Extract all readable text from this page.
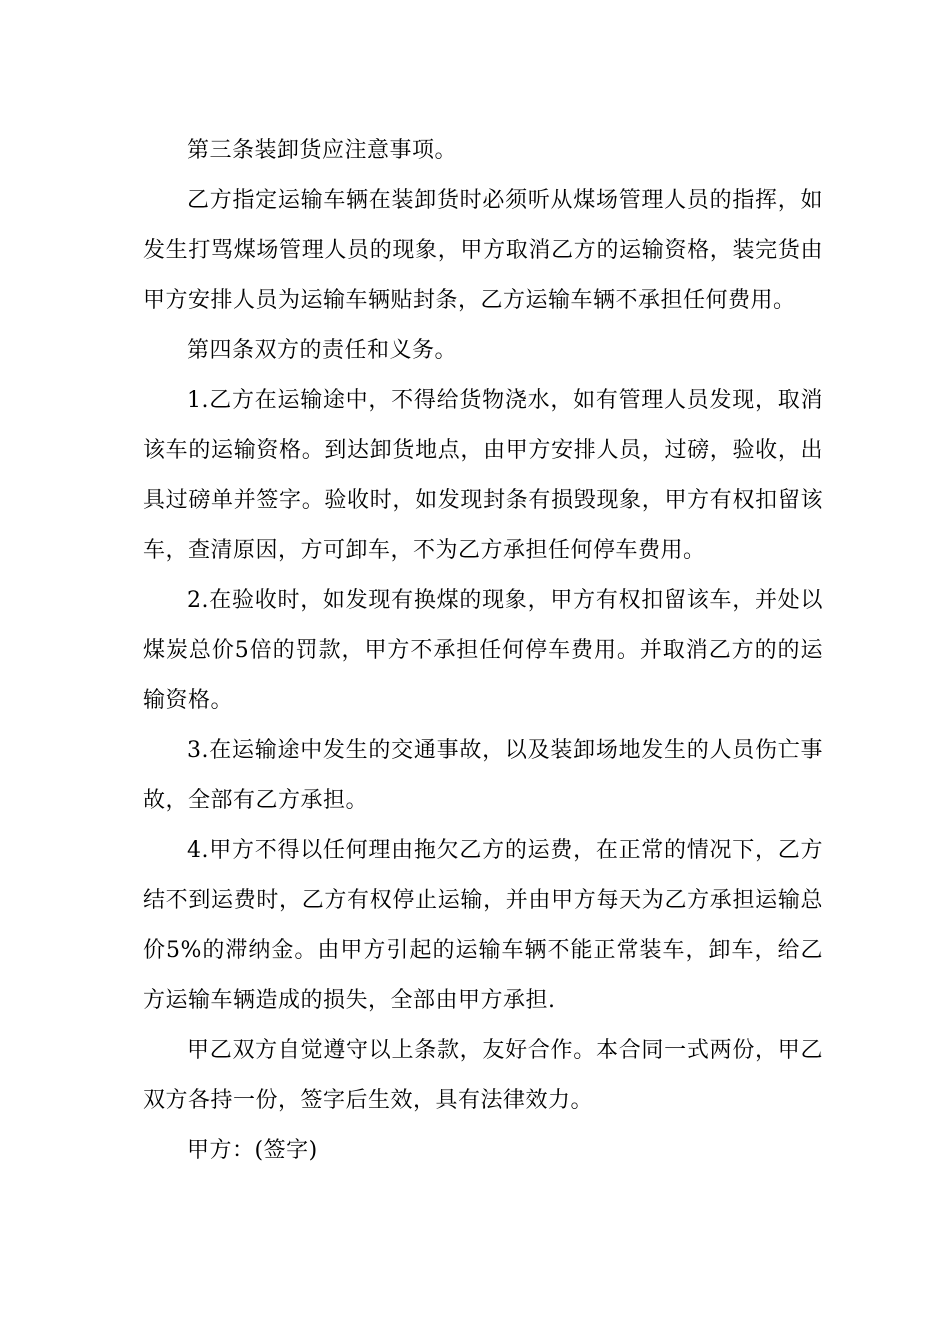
第三条装卸货应注意事项。

乙方指定运输车辆在装卸货时必须听从煤场管理人员的指挥，如发生打骂煤场管理人员的现象，甲方取消乙方的运输资格，装完货由甲方安排人员为运输车辆贴封条，乙方运输车辆不承担任何费用。

第四条双方的责任和义务。

1.乙方在运输途中，不得给货物浇水，如有管理人员发现，取消该车的运输资格。到达卸货地点，由甲方安排人员，过磅，验收，出具过磅单并签字。验收时，如发现封条有损毁现象，甲方有权扣留该车，查清原因，方可卸车，不为乙方承担任何停车费用。

2.在验收时，如发现有换煤的现象，甲方有权扣留该车，并处以煤炭总价5倍的罚款，甲方不承担任何停车费用。并取消乙方的的运输资格。

3.在运输途中发生的交通事故，以及装卸场地发生的人员伤亡事故，全部有乙方承担。

4.甲方不得以任何理由拖欠乙方的运费，在正常的情况下，乙方结不到运费时，乙方有权停止运输，并由甲方每天为乙方承担运输总价5%的滞纳金。由甲方引起的运输车辆不能正常装车，卸车，给乙方运输车辆造成的损失，全部由甲方承担.

甲乙双方自觉遵守以上条款，友好合作。本合同一式两份，甲乙双方各持一份，签字后生效，具有法律效力。

甲方：(签字)
